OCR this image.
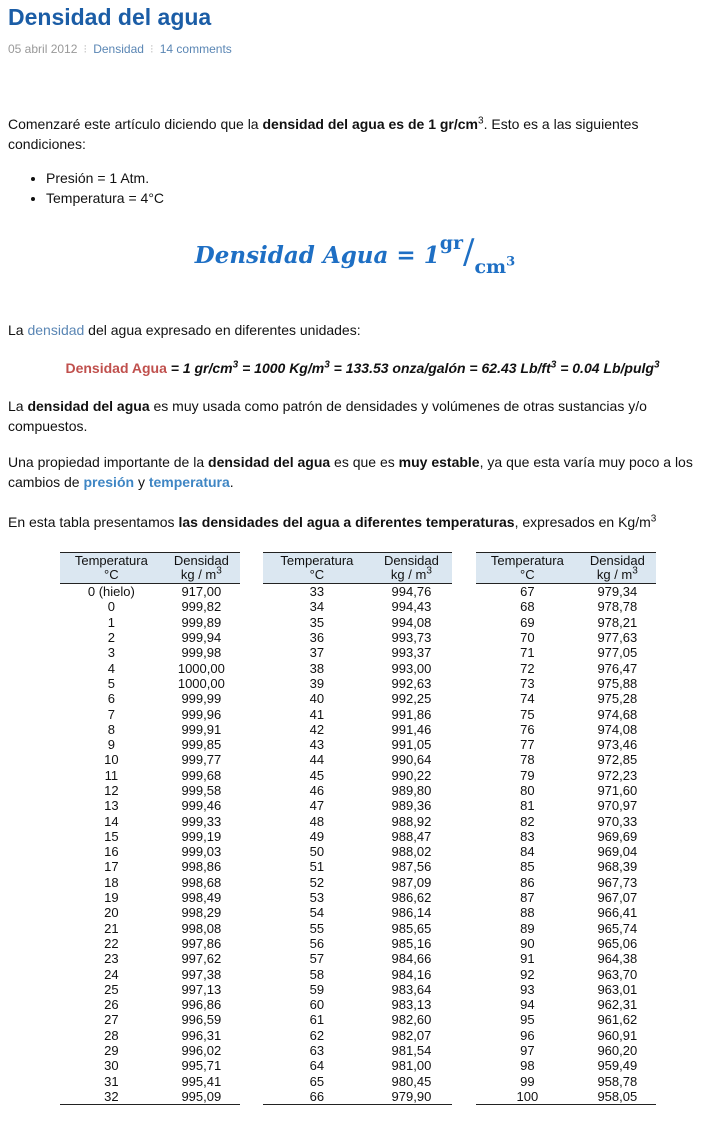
Densidad del agua
05 abril 2012 ⁝ Densidad ⁝ 14 comments
Comenzaré este artículo diciendo que la densidad del agua es de 1 $gr/cm^3$. Esto es a las siguientes condiciones:
• Presión = 1 Atm.
• Temperatura = 4°C
Densidad Agua = $1^{gr}/_{cm^3}$
La densidad del agua expresado en diferentes unidades:
Densidad Agua = 1 $gr/cm^3 = 1000$ $Kg/m^3 = 133.53$ onza/galón = 62.43 $Lb/ft^3 = 0.04$ Lb/pulg$^3$
La densidad del agua es muy usada como patrón de densidades y volúmenes de otras sustancias y/o compuestos.
Una propiedad importante de la densidad del agua es que es muy estable, ya que esta varía muy poco a los cambios de presión y temperatura.
En esta tabla presentamos las densidades del agua a diferentes temperaturas, expresados en $Kg/m^3$
Temperatura
°C	Densidad
kg / $m^3$
0 (hielo)	917,00
0	999,82
1	999,89
2	999,94
3	999,98
4	1000,00
5	1000,00
6	999,99
7	999,96
8	999,91
9	999,85
10	999,77
11	999,68
12	999,58
13	999,46
14	999,33
15	999,19
16	999,03
17	998,86
18	998,68
19	998,49
20	998,29
21	998,08
22	997,86
23	997,62
24	997,38
25	997,13
26	996,86
27	996,59
28	996,31
29	996,02
30	995,71
31	995,41
32	995,09
Temperatura
°C	Densidad
kg / $m^3$
33	994,76
34	994,43
35	994,08
36	993,73
37	993,37
38	993,00
39	992,63
40	992,25
41	991,86
42	991,46
43	991,05
44	990,64
45	990,22
46	989,80
47	989,36
48	988,92
49	988,47
50	988,02
51	987,56
52	987,09
53	986,62
54	986,14
55	985,65
56	985,16
57	984,66
58	984,16
59	983,64
60	983,13
61	982,60
62	982,07
63	981,54
64	981,00
65	980,45
66	979,90
Temperatura
°C	Densidad
kg / $m^3$
67	979,34
68	978,78
69	978,21
70	977,63
71	977,05
72	976,47
73	975,88
74	975,28
75	974,68
76	974,08
77	973,46
78	972,85
79	972,23
80	971,60
81	970,97
82	970,33
83	969,69
84	969,04
85	968,39
86	967,73
87	967,07
88	966,41
89	965,74
90	965,06
91	964,38
92	963,70
93	963,01
94	962,31
95	961,62
96	960,91
97	960,20
98	959,49
99	958,78
100	958,05
